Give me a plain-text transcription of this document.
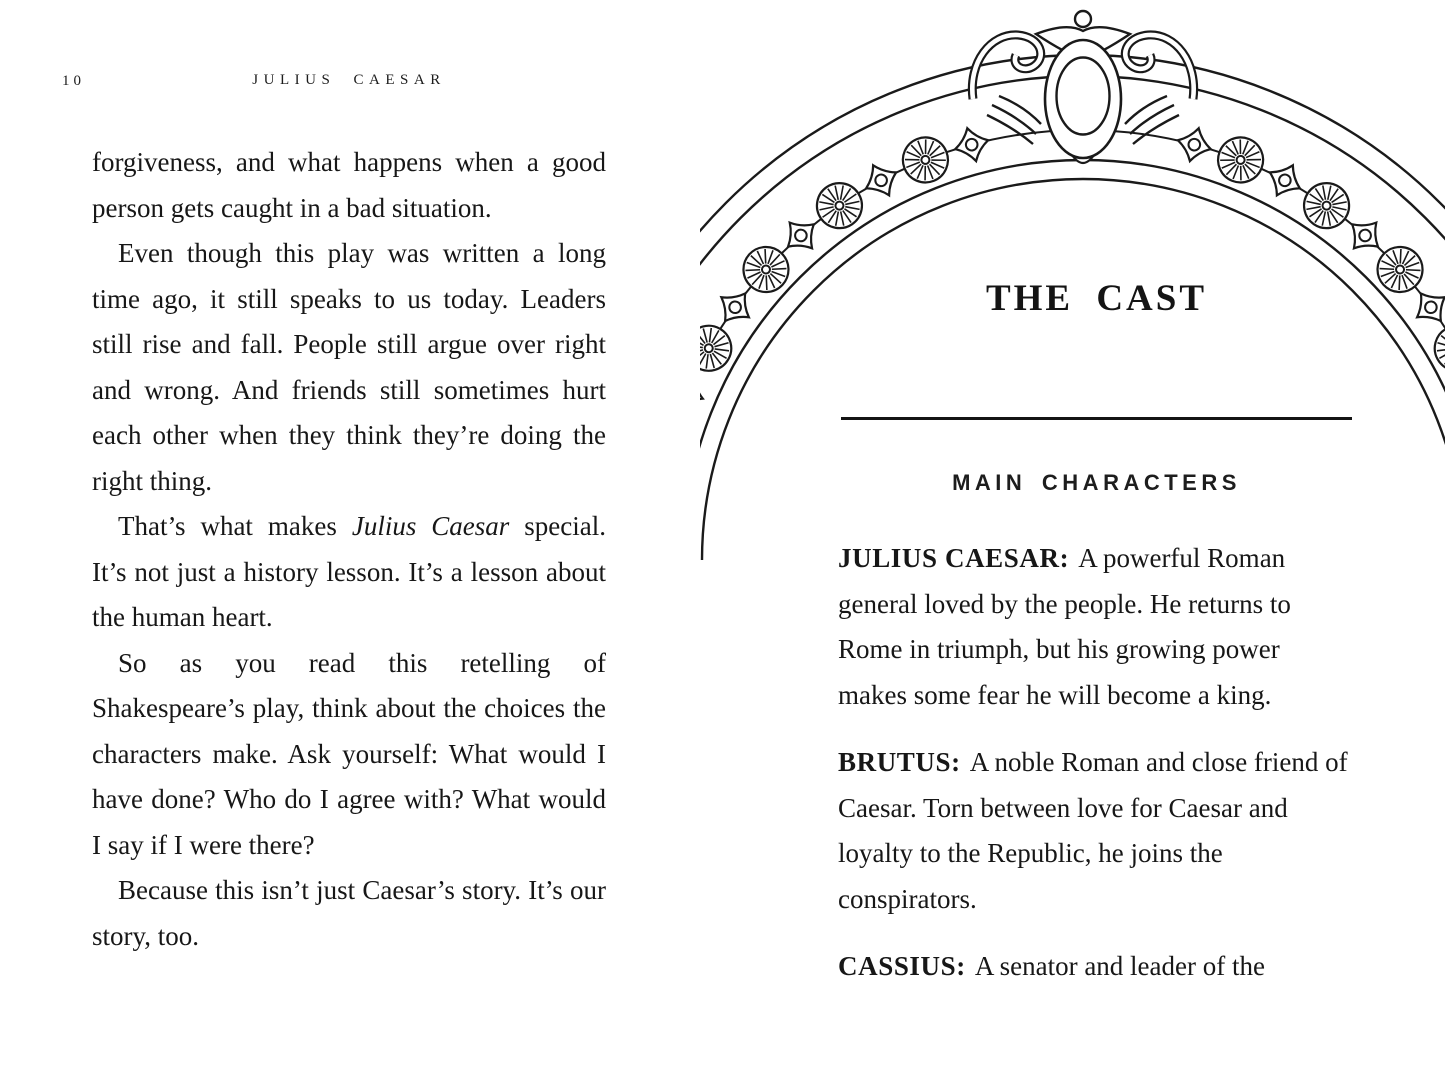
10	JULIUS CAESAR

forgiveness, and what happens when a good person gets caught in a bad situation.

Even though this play was written a long time ago, it still speaks to us today. Leaders still rise and fall. People still argue over right and wrong. And friends still sometimes hurt each other when they think they’re doing the right thing.

That’s what makes Julius Caesar special. It’s not just a history lesson. It’s a lesson about the human heart.

So as you read this retelling of Shakespeare’s play, think about the choices the characters make. Ask yourself: What would I have done? Who do I agree with? What would I say if I were there?

Because this isn’t just Caesar’s story. It’s our story, too.

THE CAST
MAIN CHARACTERS

JULIUS CAESAR: A powerful Roman general loved by the people. He returns to Rome in triumph, but his growing power makes some fear he will become a king.

BRUTUS: A noble Roman and close friend of Caesar. Torn between love for Caesar and loyalty to the Republic, he joins the conspirators.

CASSIUS: A senator and leader of the
